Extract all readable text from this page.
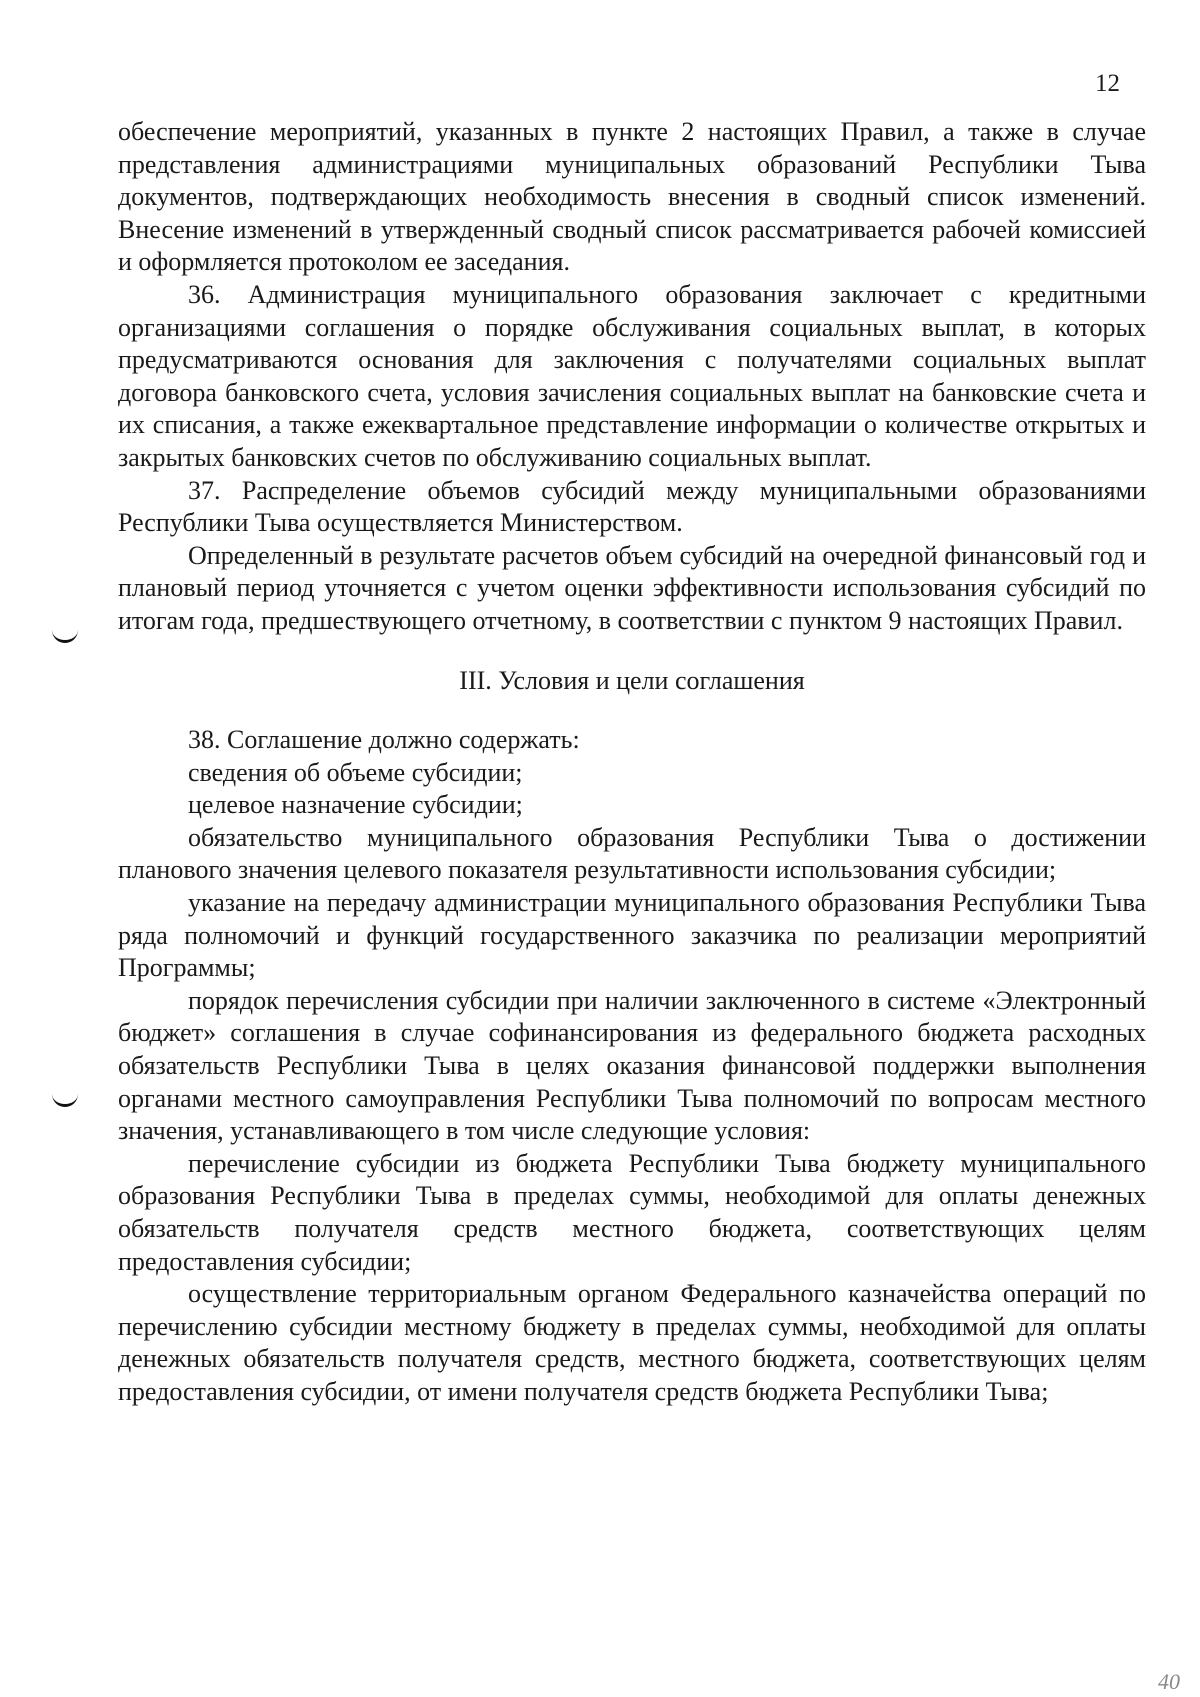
12

обеспечение мероприятий, указанных в пункте 2 настоящих Правил, а также в случае представления администрациями муниципальных образований Республики Тыва документов, подтверждающих необходимость внесения в сводный список изменений. Внесение изменений в утвержденный сводный список рассматривается рабочей комиссией и оформляется протоколом ее заседания.

36. Администрация муниципального образования заключает с кредитными организациями соглашения о порядке обслуживания социальных выплат, в которых предусматриваются основания для заключения с получателями социальных выплат договора банковского счета, условия зачисления социальных выплат на банковские счета и их списания, а также ежеквартальное представление информации о количестве открытых и закрытых банковских счетов по обслуживанию социальных выплат.

37. Распределение объемов субсидий между муниципальными образованиями Республики Тыва осуществляется Министерством.

Определенный в результате расчетов объем субсидий на очередной финансовый год и плановый период уточняется с учетом оценки эффективности использования субсидий по итогам года, предшествующего отчетному, в соответствии с пунктом 9 настоящих Правил.

III. Условия и цели соглашения

38. Соглашение должно содержать:

сведения об объеме субсидии;

целевое назначение субсидии;

обязательство муниципального образования Республики Тыва о достижении планового значения целевого показателя результативности использования субсидии;

указание на передачу администрации муниципального образования Республики Тыва ряда полномочий и функций государственного заказчика по реализации мероприятий Программы;

порядок перечисления субсидии при наличии заключенного в системе «Электронный бюджет» соглашения в случае софинансирования из федерального бюджета расходных обязательств Республики Тыва в целях оказания финансовой поддержки выполнения органами местного самоуправления Республики Тыва полномочий по вопросам местного значения, устанавливающего в том числе следующие условия:

перечисление субсидии из бюджета Республики Тыва бюджету муниципального образования Республики Тыва в пределах суммы, необходимой для оплаты денежных обязательств получателя средств местного бюджета, соответствующих целям предоставления субсидии;

осуществление территориальным органом Федерального казначейства операций по перечислению субсидии местному бюджету в пределах суммы, необходимой для оплаты денежных обязательств получателя средств, местного бюджета, соответствующих целям предоставления субсидии, от имени получателя средств бюджета Республики Тыва;

40
